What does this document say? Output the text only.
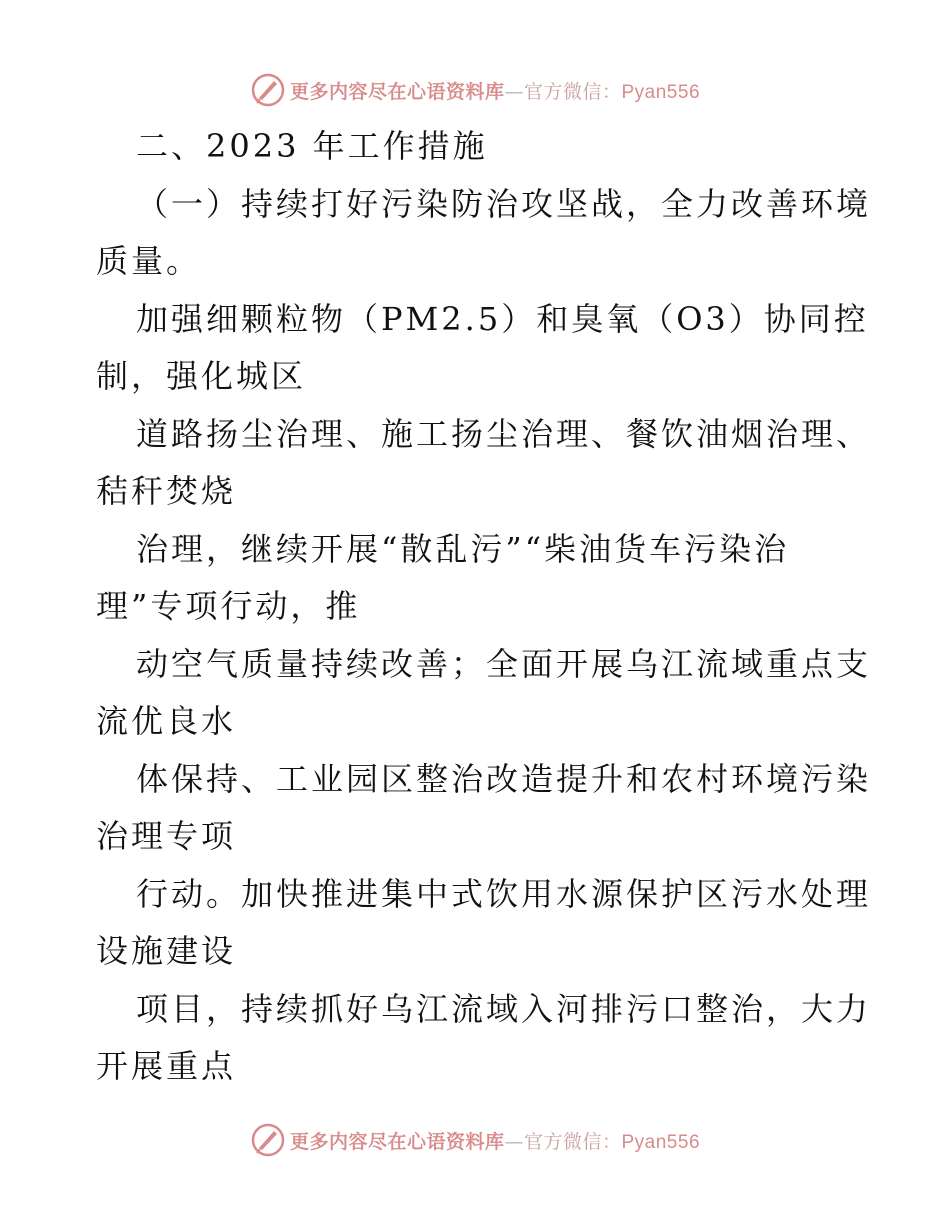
更多内容尽在心语资料库—官方微信：Pyan556
二、2023 年工作措施
（一）持续打好污染防治攻坚战，全力改善环境
质量。
加强细颗粒物（PM2.5）和臭氧（O3）协同控
制，强化城区
道路扬尘治理、施工扬尘治理、餐饮油烟治理、
秸秆焚烧
治理，继续开展“散乱污”“柴油货车污染治
理”专项行动，推
动空气质量持续改善；全面开展乌江流域重点支
流优良水
体保持、工业园区整治改造提升和农村环境污染
治理专项
行动。加快推进集中式饮用水源保护区污水处理
设施建设
项目，持续抓好乌江流域入河排污口整治，大力
开展重点
更多内容尽在心语资料库—官方微信：Pyan556
